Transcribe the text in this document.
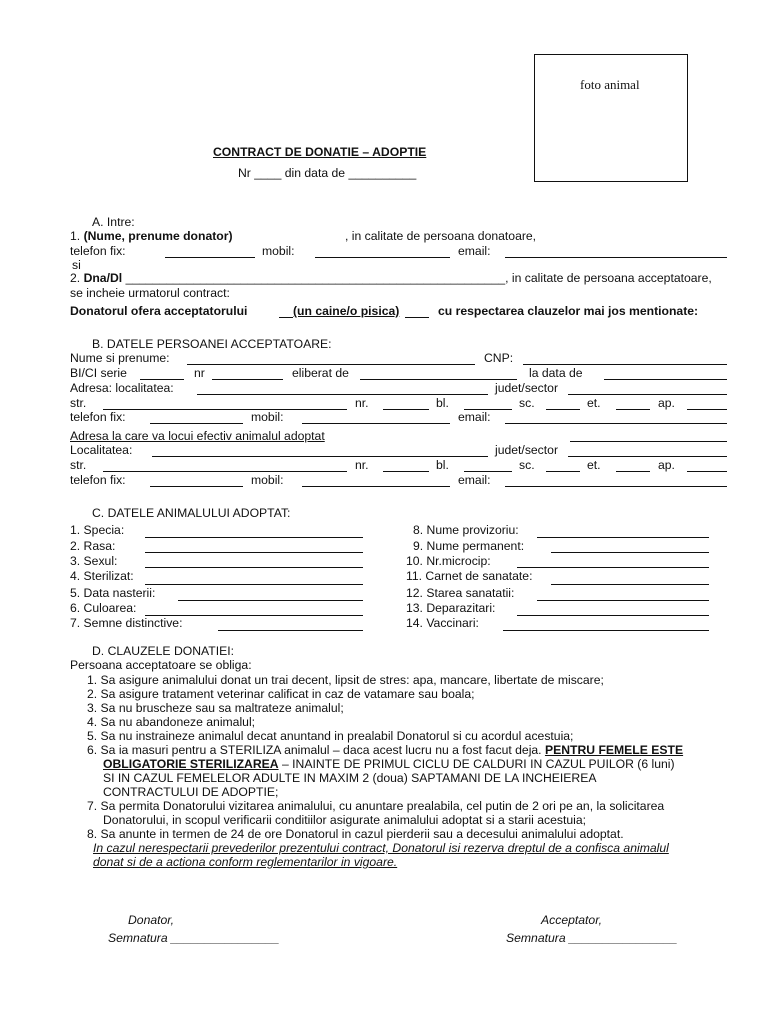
foto animal
CONTRACT DE DONATIE – ADOPTIE
Nr ____ din data de __________
A. Intre:
1. (Nume, prenume donator)	, in calitate de persoana donatoare,
telefon fix:	mobil:	email:
si
2. Dna/Dl ________________________________________________________, in calitate de persoana acceptatoare,
se incheie urmatorul contract:
Donatorul ofera acceptatorului	(un caine/o pisica)	cu respectarea clauzelor mai jos mentionate:
B. DATELE PERSOANEI ACCEPTATOARE:
Nume si prenume:	CNP:
BI/CI serie	nr	eliberat de	la data de
Adresa: localitatea:	judet/sector
str.	nr.	bl.	sc.	et.	ap.
telefon fix:	mobil:	email:
Adresa la care va locui efectiv animalul adoptat
Localitatea:	judet/sector
str.	nr.	bl.	sc.	et.	ap.
telefon fix:	mobil:	email:
C. DATELE ANIMALULUI ADOPTAT:
1. Specia:
2. Rasa:
3. Sexul:
4. Sterilizat:
5. Data nasterii:
6. Culoarea:
7. Semne distinctive:
8. Nume provizoriu:
9. Nume permanent:
10. Nr.microcip:
11. Carnet de sanatate:
12. Starea sanatatii:
13. Deparazitari:
14. Vaccinari:
D. CLAUZELE DONATIEI:
Persoana acceptatoare se obliga:
1. Sa asigure animalului donat un trai decent, lipsit de stres: apa, mancare, libertate de miscare;
2. Sa asigure tratament veterinar calificat in caz de vatamare sau boala;
3. Sa nu bruscheze sau sa maltrateze animalul;
4. Sa nu abandoneze animalul;
5. Sa nu instraineze animalul decat anuntand in prealabil Donatorul si cu acordul acestuia;
6. Sa ia masuri pentru a STERILIZA animalul – daca acest lucru nu a fost facut deja. PENTRU FEMELE ESTE
OBLIGATORIE STERILIZAREA – INAINTE DE PRIMUL CICLU DE CALDURI IN CAZUL PUILOR (6 luni)
SI IN CAZUL FEMELELOR ADULTE IN MAXIM 2 (doua) SAPTAMANI DE LA INCHEIEREA
CONTRACTULUI DE ADOPTIE;
7. Sa permita Donatorului vizitarea animalului, cu anuntare prealabila, cel putin de 2 ori pe an, la solicitarea
Donatorului, in scopul verificarii conditiilor asigurate animalului adoptat si a starii acestuia;
8. Sa anunte in termen de 24 de ore Donatorul in cazul pierderii sau a decesului animalului adoptat.
In cazul nerespectarii prevederilor prezentului contract, Donatorul isi rezerva dreptul de a confisca animalul
donat si de a actiona conform reglementarilor in vigoare.
Donator,
Semnatura ________________
Acceptator,
Semnatura ________________
